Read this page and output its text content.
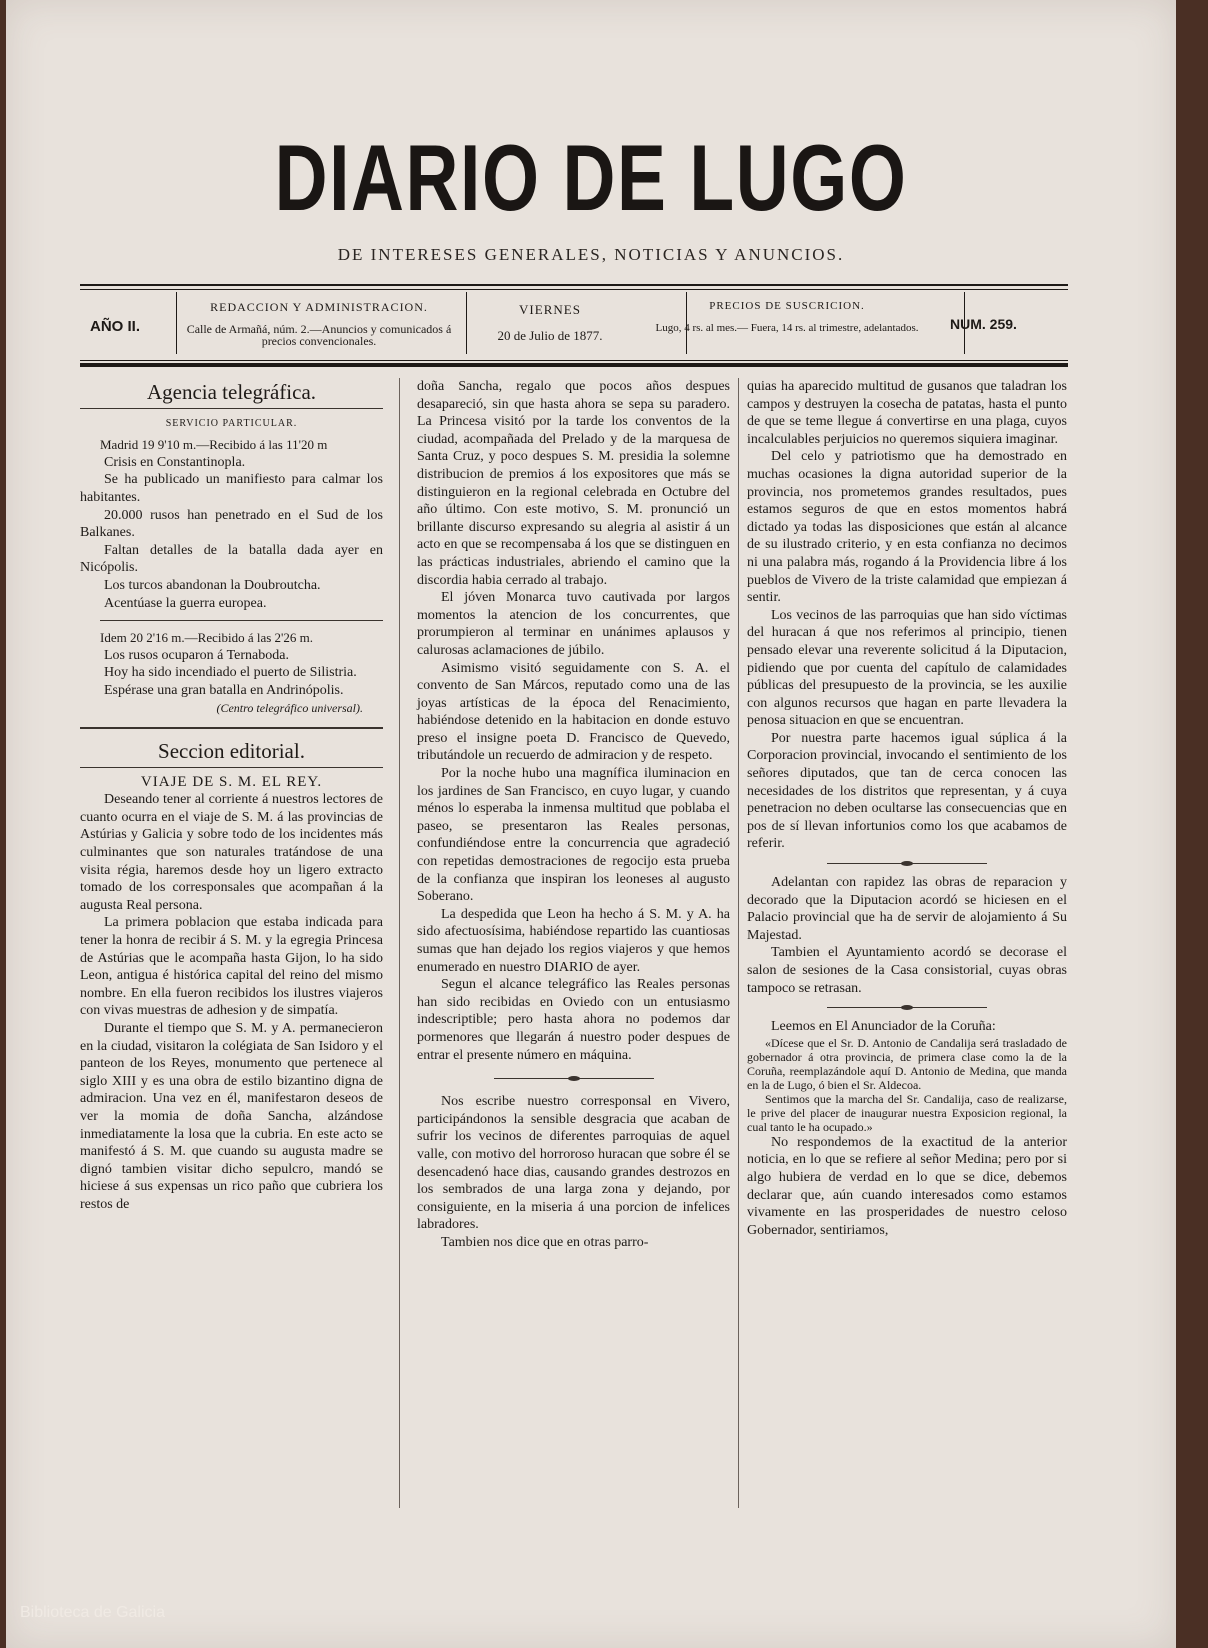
DIARIO DE LUGO
DE INTERESES GENERALES, NOTICIAS Y ANUNCIOS.
AÑO II.
REDACCION Y ADMINISTRACION.
Calle de Armañá, núm. 2.—Anuncios y comunicados á precios convencionales.
VIERNES
20 de Julio de 1877.
PRECIOS DE SUSCRICION.
Lugo, 4 rs. al mes.— Fuera, 14 rs. al trimestre, adelantados. NUM. 259.
Agencia telegráfica.
SERVICIO PARTICULAR.

Madrid 19 9'10 m.—Recibido á las 11'20 m

Crisis en Constantinopla.

Se ha publicado un manifiesto para calmar los habitantes.

20.000 rusos han penetrado en el Sud de los Balkanes.

Faltan detalles de la batalla dada ayer en Nicópolis.

Los turcos abandonan la Doubroutcha.

Acentúase la guerra europea.

Idem 20 2'16 m.—Recibido á las 2'26 m.

Los rusos ocuparon á Ternaboda.

Hoy ha sido incendiado el puerto de Silistria.

Espérase una gran batalla en Andrinópolis.

(Centro telegráfico universal).
Seccion editorial.

VIAJE DE S. M. EL REY.

Deseando tener al corriente á nuestros lectores de cuanto ocurra en el viaje de S. M. á las provincias de Astúrias y Galicia y sobre todo de los incidentes más culminantes que son naturales tratándose de una visita régia, haremos desde hoy un ligero extracto tomado de los corresponsales que acompañan á la augusta Real persona.

La primera poblacion que estaba indicada para tener la honra de recibir á S. M. y la egregia Princesa de Astúrias que le acompaña hasta Gijon, lo ha sido Leon, antigua é histórica capital del reino del mismo nombre. En ella fueron recibidos los ilustres viajeros con vivas muestras de adhesion y de simpatía.

Durante el tiempo que S. M. y A. permanecieron en la ciudad, visitaron la colégiata de San Isidoro y el panteon de los Reyes, monumento que pertenece al siglo XIII y es una obra de estilo bizantino digna de admiracion. Una vez en él, manifestaron deseos de ver la momia de doña Sancha, alzándose inmediatamente la losa que la cubria. En este acto se manifestó á S. M. que cuando su augusta madre se dignó tambien visitar dicho sepulcro, mandó se hiciese á sus expensas un rico paño que cubriera los restos de

doña Sancha, regalo que pocos años despues desapareció, sin que hasta ahora se sepa su paradero. La Princesa visitó por la tarde los conventos de la ciudad, acompañada del Prelado y de la marquesa de Santa Cruz, y poco despues S. M. presidia la solemne distribucion de premios á los expositores que más se distinguieron en la regional celebrada en Octubre del año último. Con este motivo, S. M. pronunció un brillante discurso expresando su alegria al asistir á un acto en que se recompensaba á los que se distinguen en las prácticas industriales, abriendo el camino que la discordia habia cerrado al trabajo.

El jóven Monarca tuvo cautivada por largos momentos la atencion de los concurrentes, que prorumpieron al terminar en unánimes aplausos y calurosas aclamaciones de júbilo.

Asimismo visitó seguidamente con S. A. el convento de San Márcos, reputado como una de las joyas artísticas de la época del Renacimiento, habiéndose detenido en la habitacion en donde estuvo preso el insigne poeta D. Francisco de Quevedo, tributándole un recuerdo de admiracion y de respeto.

Por la noche hubo una magnífica iluminacion en los jardines de San Francisco, en cuyo lugar, y cuando ménos lo esperaba la inmensa multitud que poblaba el paseo, se presentaron las Reales personas, confundiéndose entre la concurrencia que agradeció con repetidas demostraciones de regocijo esta prueba de la confianza que inspiran los leoneses al augusto Soberano.

La despedida que Leon ha hecho á S. M. y A. ha sido afectuosísima, habiéndose repartido las cuantiosas sumas que han dejado los regios viajeros y que hemos enumerado en nuestro DIARIO de ayer.

Segun el alcance telegráfico las Reales personas han sido recibidas en Oviedo con un entusiasmo indescriptible; pero hasta ahora no podemos dar pormenores que llegarán á nuestro poder despues de entrar el presente número en máquina.

Nos escribe nuestro corresponsal en Vivero, participándonos la sensible desgracia que acaban de sufrir los vecinos de diferentes parroquias de aquel valle, con motivo del horroroso huracan que sobre él se desencadenó hace dias, causando grandes destrozos en los sembrados de una larga zona y dejando, por consiguiente, en la miseria á una porcion de infelices labradores.

Tambien nos dice que en otras parro-

quias ha aparecido multitud de gusanos que taladran los campos y destruyen la cosecha de patatas, hasta el punto de que se teme llegue á convertirse en una plaga, cuyos incalculables perjuicios no queremos siquiera imaginar.

Del celo y patriotismo que ha demostrado en muchas ocasiones la digna autoridad superior de la provincia, nos prometemos grandes resultados, pues estamos seguros de que en estos momentos habrá dictado ya todas las disposiciones que están al alcance de su ilustrado criterio, y en esta confianza no decimos ni una palabra más, rogando á la Providencia libre á los pueblos de Vivero de la triste calamidad que empiezan á sentir.

Los vecinos de las parroquias que han sido víctimas del huracan á que nos referimos al principio, tienen pensado elevar una reverente solicitud á la Diputacion, pidiendo que por cuenta del capítulo de calamidades públicas del presupuesto de la provincia, se les auxilie con algunos recursos que hagan en parte llevadera la penosa situacion en que se encuentran.

Por nuestra parte hacemos igual súplica á la Corporacion provincial, invocando el sentimiento de los señores diputados, que tan de cerca conocen las necesidades de los distritos que representan, y á cuya penetracion no deben ocultarse las consecuencias que en pos de sí llevan infortunios como los que acabamos de referir.

Adelantan con rapidez las obras de reparacion y decorado que la Diputacion acordó se hiciesen en el Palacio provincial que ha de servir de alojamiento á Su Majestad.

Tambien el Ayuntamiento acordó se decorase el salon de sesiones de la Casa consistorial, cuyas obras tampoco se retrasan.

Leemos en El Anunciador de la Coruña:

«Dícese que el Sr. D. Antonio de Candalija será trasladado de gobernador á otra provincia, de primera clase como la de la Coruña, reemplazándole aquí D. Antonio de Medina, que manda en la de Lugo, ó bien el Sr. Aldecoa.

Sentimos que la marcha del Sr. Candalija, caso de realizarse, le prive del placer de inaugurar nuestra Exposicion regional, la cual tanto le ha ocupado.»

No respondemos de la exactitud de la anterior noticia, en lo que se refiere al señor Medina; pero por si algo hubiera de verdad en lo que se dice, debemos declarar que, aún cuando interesados como estamos vivamente en las prosperidades de nuestro celoso Gobernador, sentiriamos,

Biblioteca de Galicia
